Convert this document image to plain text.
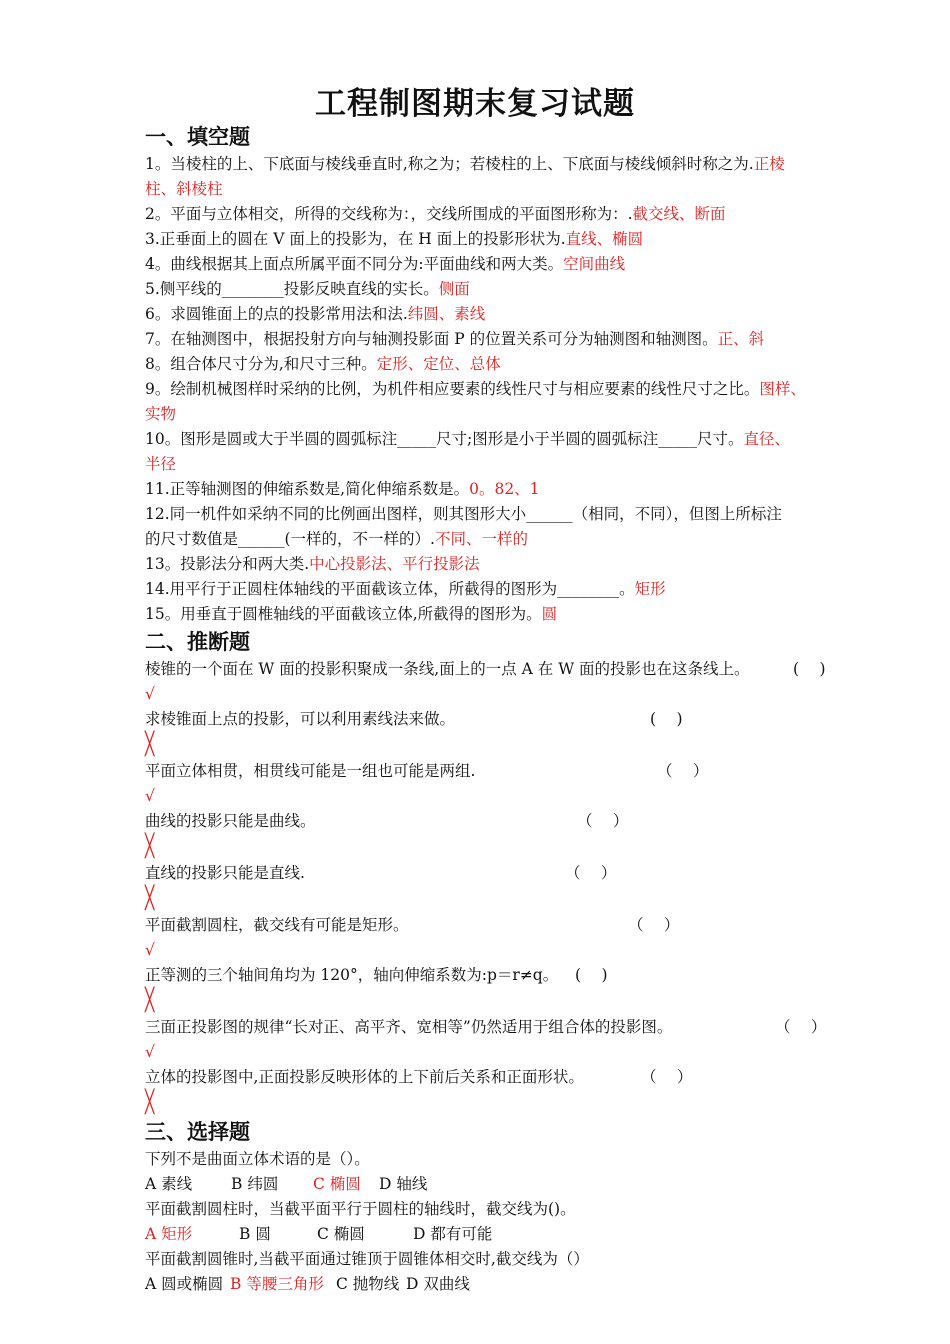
工程制图期末复习试题
一、填空题
1。当棱柱的上、下底面与棱线垂直时,称之为；若棱柱的上、下底面与棱线倾斜时称之为.正棱
柱、斜棱柱
2。平面与立体相交，所得的交线称为：，交线所围成的平面图形称为：.截交线、断面
3.正垂面上的圆在 V 面上的投影为，在 H 面上的投影形状为.直线、椭圆
4。曲线根据其上面点所属平面不同分为:平面曲线和两大类。空间曲线
5.侧平线的________投影反映直线的实长。侧面
6。求圆锥面上的点的投影常用法和法.纬圆、素线
7。在轴测图中，根据投射方向与轴测投影面 P 的位置关系可分为轴测图和轴测图。正、斜
8。组合体尺寸分为,和尺寸三种。定形、定位、总体
9。绘制机械图样时采纳的比例，为机件相应要素的线性尺寸与相应要素的线性尺寸之比。图样、
实物
10。图形是圆或大于半圆的圆弧标注_____尺寸;图形是小于半圆的圆弧标注_____尺寸。直径、
半径
11.正等轴测图的伸缩系数是,简化伸缩系数是。0。82、1
12.同一机件如采纳不同的比例画出图样，则其图形大小______（相同，不同），但图上所标注
的尺寸数值是______(一样的，不一样的）.不同、一样的
13。投影法分和两大类.中心投影法、平行投影法
14.用平行于正圆柱体轴线的平面截该立体，所截得的图形为________。矩形
15。用垂直于圆椎轴线的平面截该立体,所截得的图形为。圆
二、推断题
棱锥的一个面在 W 面的投影积聚成一条线,面上的一点 A 在 W 面的投影也在这条线上。	(　 )
√
求棱锥面上点的投影，可以利用素线法来做。	(　 )
╳
平面立体相贯，相贯线可能是一组也可能是两组.	（　 ）
√
曲线的投影只能是曲线。	（　 ）
╳
直线的投影只能是直线.	（　 ）
╳
平面截割圆柱，截交线有可能是矩形。	（　 ）
√
正等测的三个轴间角均为 120°，轴向伸缩系数为:p＝r≠q。 (　 )
╳
三面正投影图的规律“长对正、高平齐、宽相等”仍然适用于组合体的投影图。	（　 ）
√
立体的投影图中,正面投影反映形体的上下前后关系和正面形状。	（　 ）
╳
三、选择题
下列不是曲面立体术语的是（）。
A 素线	B 纬圆 C 椭圆 D 轴线
平面截割圆柱时，当截平面平行于圆柱的轴线时，截交线为()。
A 矩形	B 圆	C 椭圆	D 都有可能
平面截割圆锥时,当截平面通过锥顶于圆锥体相交时,截交线为（）
A 圆或椭圆 B 等腰三角形 C 抛物线 D 双曲线
